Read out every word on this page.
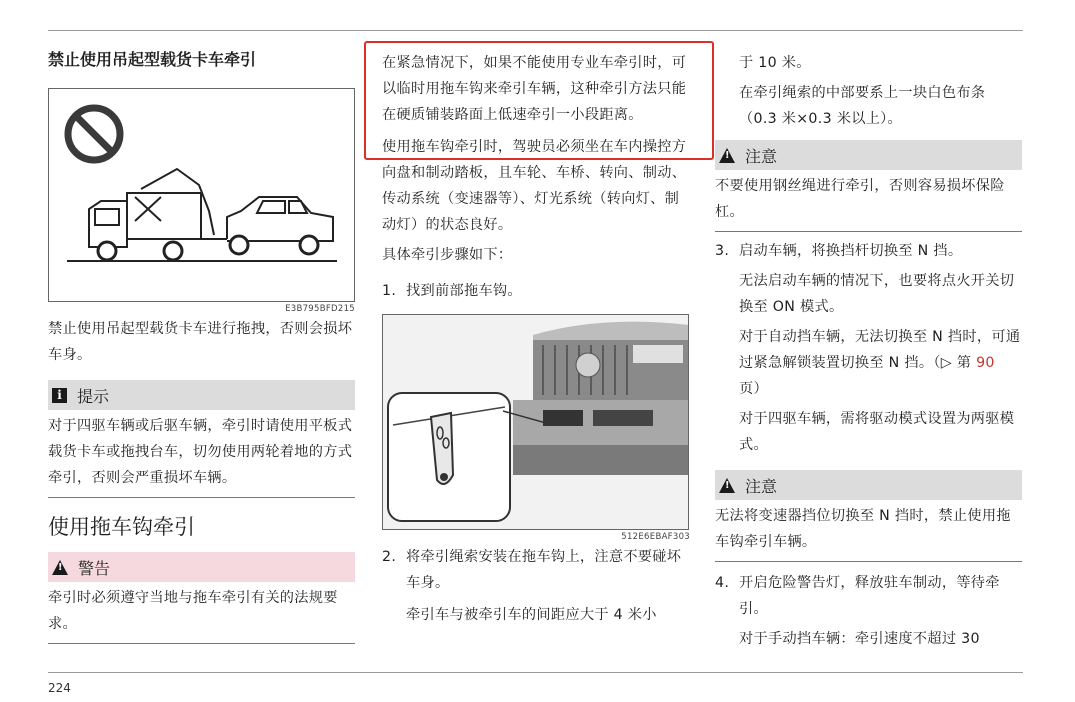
禁止使用吊起型载货卡车牵引
E3B795BFD215
禁止使用吊起型载货卡车进行拖拽，否则会损坏车身。
i 提示
对于四驱车辆或后驱车辆，牵引时请使用平板式载货卡车或拖拽台车，切勿使用两轮着地的方式牵引，否则会严重损坏车辆。
使用拖车钩牵引
!
警告
牵引时必须遵守当地与拖车牵引有关的法规要求。
在紧急情况下，如果不能使用专业车牵引时，可以临时用拖车钩来牵引车辆，这种牵引方法只能在硬质铺装路面上低速牵引一小段距离。
使用拖车钩牵引时，驾驶员必须坐在车内操控方向盘和制动踏板，且车轮、车桥、转向、制动、传动系统（变速器等）、灯光系统（转向灯、制动灯）的状态良好。
具体牵引步骤如下：
1. 找到前部拖车钩。
512E6EBAF303
2. 将牵引绳索安装在拖车钩上，注意不要碰坏车身。
牵引车与被牵引车的间距应大于 4 米小
于 10 米。
在牵引绳索的中部要系上一块白色布条（0.3 米×0.3 米以上）。
!
注意
不要使用钢丝绳进行牵引，否则容易损坏保险杠。
3. 启动车辆，将换挡杆切换至 N 挡。
无法启动车辆的情况下，也要将点火开关切换至 ON 模式。
对于自动挡车辆，无法切换至 N 挡时，可通过紧急解锁装置切换至 N 挡。（▷ 第 90 页）
对于四驱车辆，需将驱动模式设置为两驱模式。
!
注意
无法将变速器挡位切换至 N 挡时，禁止使用拖车钩牵引车辆。
4. 开启危险警告灯，释放驻车制动，等待牵引。
对于手动挡车辆：牵引速度不超过 30
224
